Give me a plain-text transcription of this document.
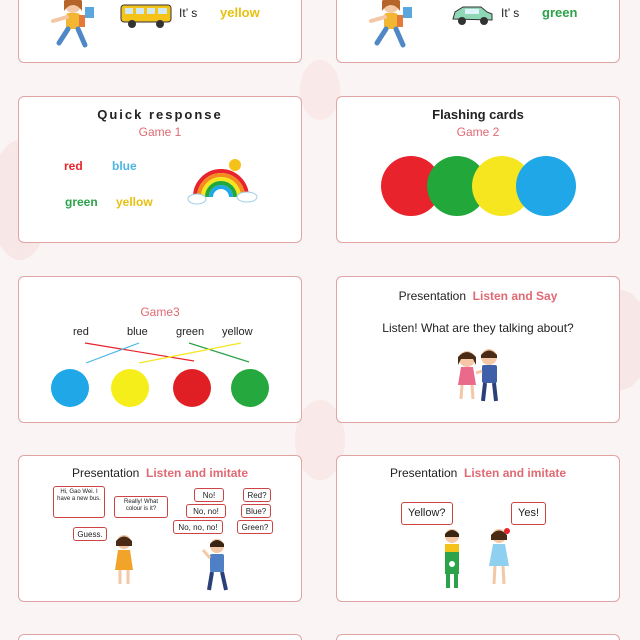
It’ s yellow	It’ s green
Quick response
Game 1
red blue
green yellow
Flashing cards
Game 2
Game3
red	blue	green yellow
Presentation Listen and Say
Listen! What are they talking about?
Presentation Listen and imitate
Hi, Gao Wei. I have a new bus.
Really! What colour is it?
Guess.
No!
No, no!
No, no, no!
Red?
Blue?
Green?
Presentation Listen and imitate
Yellow?	Yes!
